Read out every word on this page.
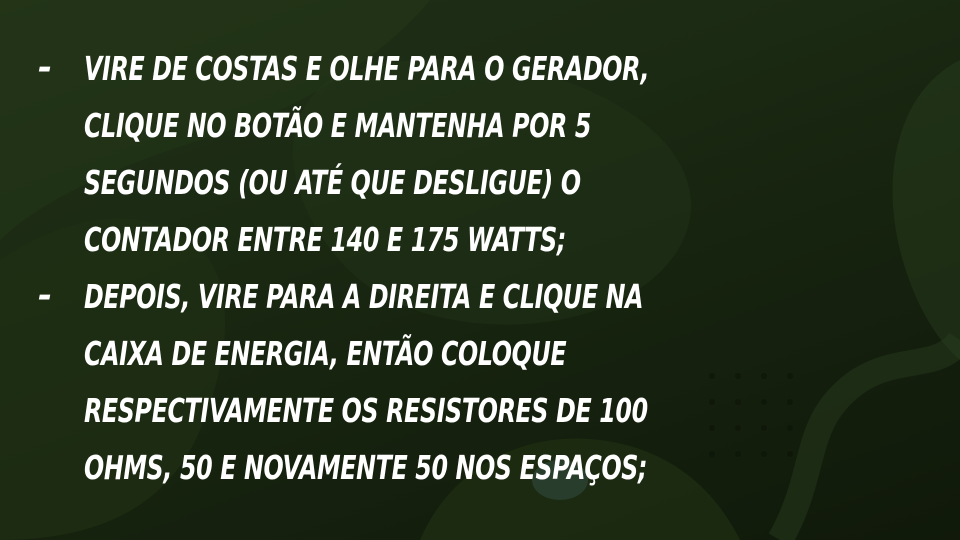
- VIRE DE COSTAS E OLHE PARA O GERADOR, CLIQUE NO BOTÃO E MANTENHA POR 5 SEGUNDOS (OU ATÉ QUE DESLIGUE) O CONTADOR ENTRE 140 E 175 WATTS;
- DEPOIS, VIRE PARA A DIREITA E CLIQUE NA CAIXA DE ENERGIA, ENTÃO COLOQUE RESPECTIVAMENTE OS RESISTORES DE 100 OHMS, 50 E NOVAMENTE 50 NOS ESPAÇOS;
